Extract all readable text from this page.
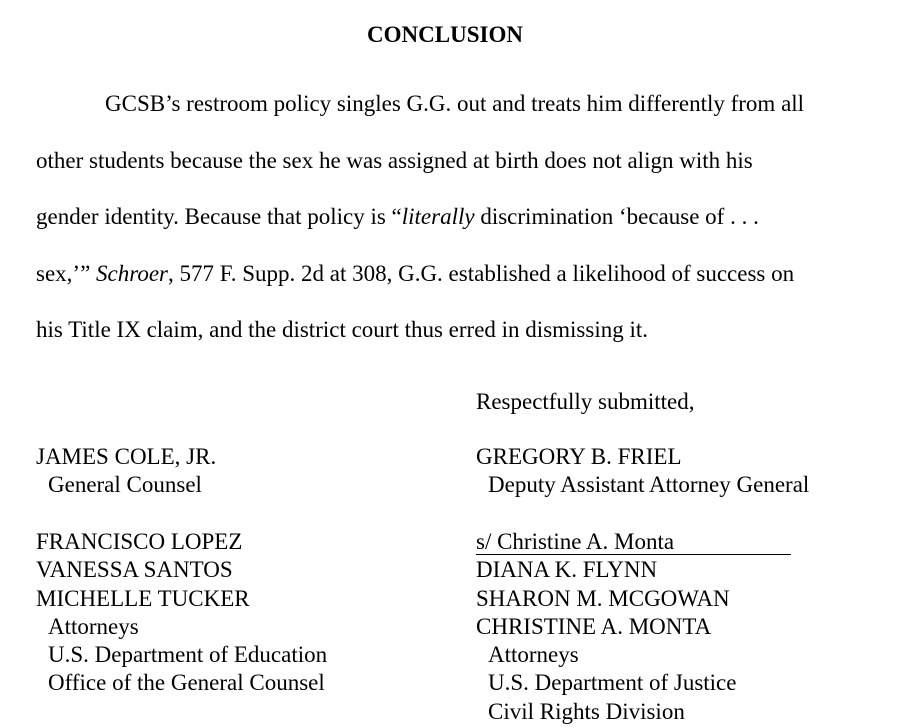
CONCLUSION
GCSB’s restroom policy singles G.G. out and treats him differently from all
other students because the sex he was assigned at birth does not align with his
gender identity. Because that policy is “literally discrimination ‘because of . . .
sex,’” Schroer, 577 F. Supp. 2d at 308, G.G. established a likelihood of success on
his Title IX claim, and the district court thus erred in dismissing it.
Respectfully submitted,
JAMES COLE, JR.
General Counsel
GREGORY B. FRIEL
Deputy Assistant Attorney General
FRANCISCO LOPEZ
VANESSA SANTOS
MICHELLE TUCKER
Attorneys
U.S. Department of Education
Office of the General Counsel
s/ Christine A. Monta
DIANA K. FLYNN
SHARON M. MCGOWAN
CHRISTINE A. MONTA
Attorneys
U.S. Department of Justice
Civil Rights Division
